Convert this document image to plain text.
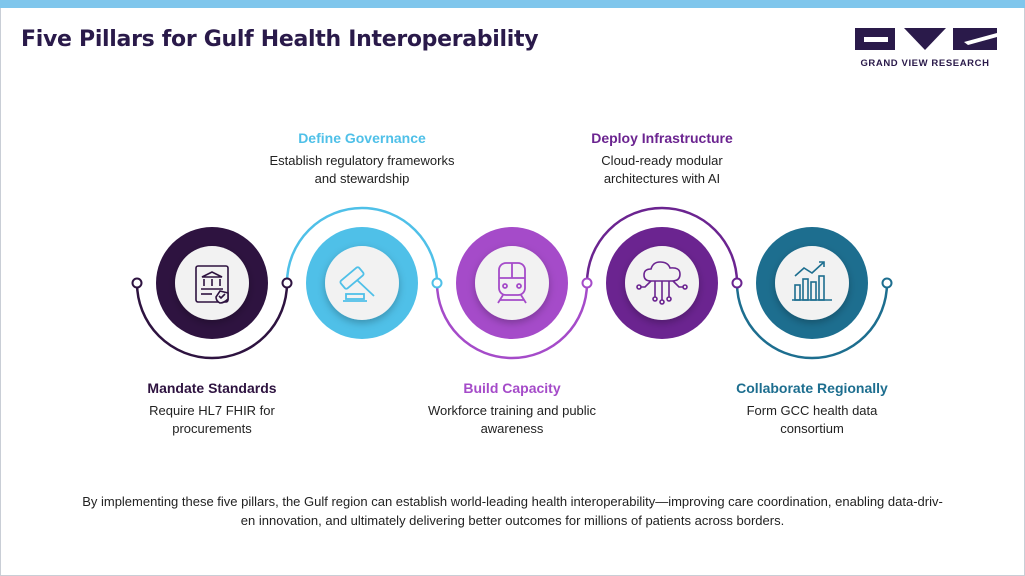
Five Pillars for Gulf Health Interoperability
GRAND VIEW RESEARCH
Mandate Standards
Require HL7 FHIR for
procurements
Define Governance
Establish regulatory frameworks
and stewardship
Build Capacity
Workforce training and public
awareness
Deploy Infrastructure
Cloud-ready modular
architectures with AI
Collaborate Regionally
Form GCC health data
consortium
By implementing these five pillars, the Gulf region can establish world-leading health interoperability—improving care coordination, enabling data-driv-
en innovation, and ultimately delivering better outcomes for millions of patients across borders.
